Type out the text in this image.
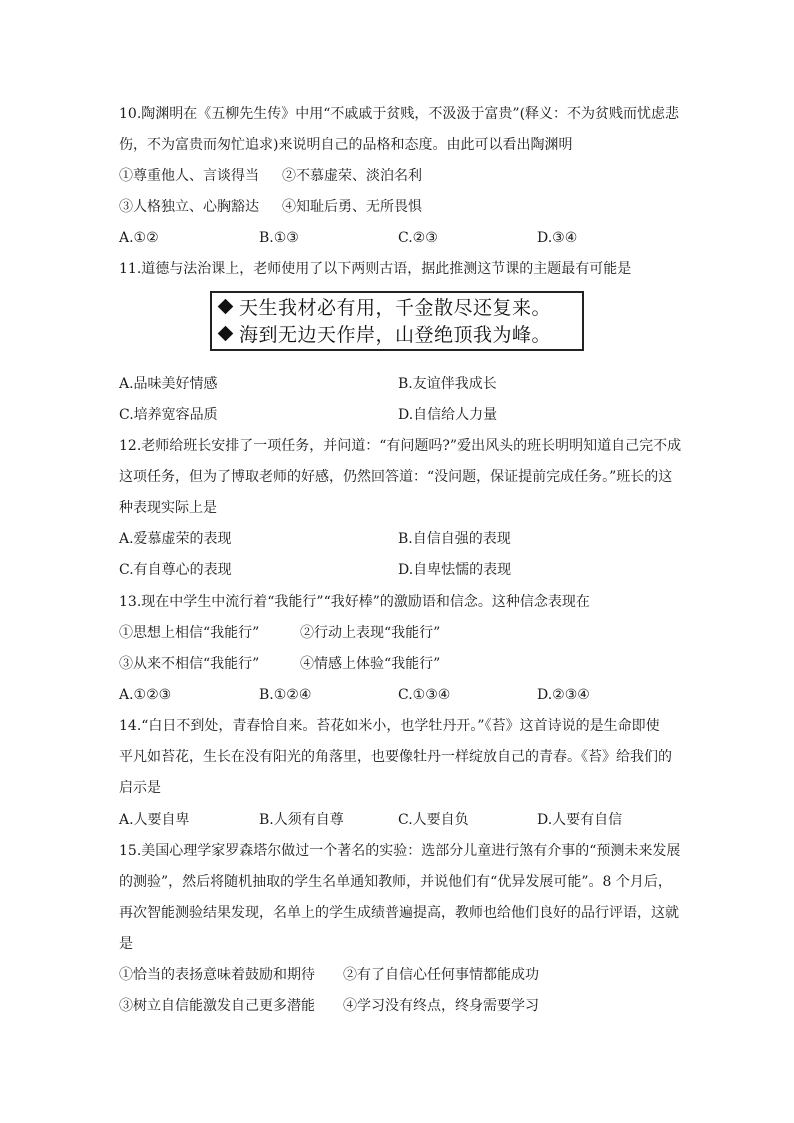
10.陶渊明在《五柳先生传》中用“不戚戚于贫贱，不汲汲于富贵”(释义：不为贫贱而忧虑悲
伤，不为富贵而匆忙追求)来说明自己的品格和态度。由此可以看出陶渊明
①尊重他人、言谈得当 ②不慕虚荣、淡泊名利
③人格独立、心胸豁达 ④知耻后勇、无所畏惧
A.①②	B.①③	C.②③	D.③④
11.道德与法治课上，老师使用了以下两则古语，据此推测这节课的主题最有可能是
天生我材必有用，千金散尽还复来。
海到无边天作岸，山登绝顶我为峰。
A.品味美好情感	B.友谊伴我成长
C.培养宽容品质	D.自信给人力量
12.老师给班长安排了一项任务，并问道：“有问题吗?”爱出风头的班长明明知道自己完不成
这项任务，但为了博取老师的好感，仍然回答道：“没问题，保证提前完成任务。”班长的这
种表现实际上是
A.爱慕虚荣的表现	B.自信自强的表现
C.有自尊心的表现	D.自卑怯懦的表现
13.现在中学生中流行着“我能行”“我好棒”的激励语和信念。这种信念表现在
①思想上相信“我能行”	②行动上表现“我能行”
③从来不相信“我能行”	④情感上体验“我能行”
A.①②③	B.①②④	C.①③④	D.②③④
14.“白日不到处，青春恰自来。苔花如米小，也学牡丹开。”《苔》这首诗说的是生命即使
平凡如苔花，生长在没有阳光的角落里，也要像牡丹一样绽放自己的青春。《苔》给我们的
启示是
A.人要自卑	B.人须有自尊	C.人要自负	D.人要有自信
15.美国心理学家罗森塔尔做过一个著名的实验：选部分儿童进行煞有介事的“预测未来发展
的测验”，然后将随机抽取的学生名单通知教师，并说他们有“优异发展可能”。8 个月后，
再次智能测验结果发现，名单上的学生成绩普遍提高，教师也给他们良好的品行评语，这就
是
①恰当的表扬意味着鼓励和期待 ②有了自信心任何事情都能成功
③树立自信能激发自己更多潜能 ④学习没有终点，终身需要学习
